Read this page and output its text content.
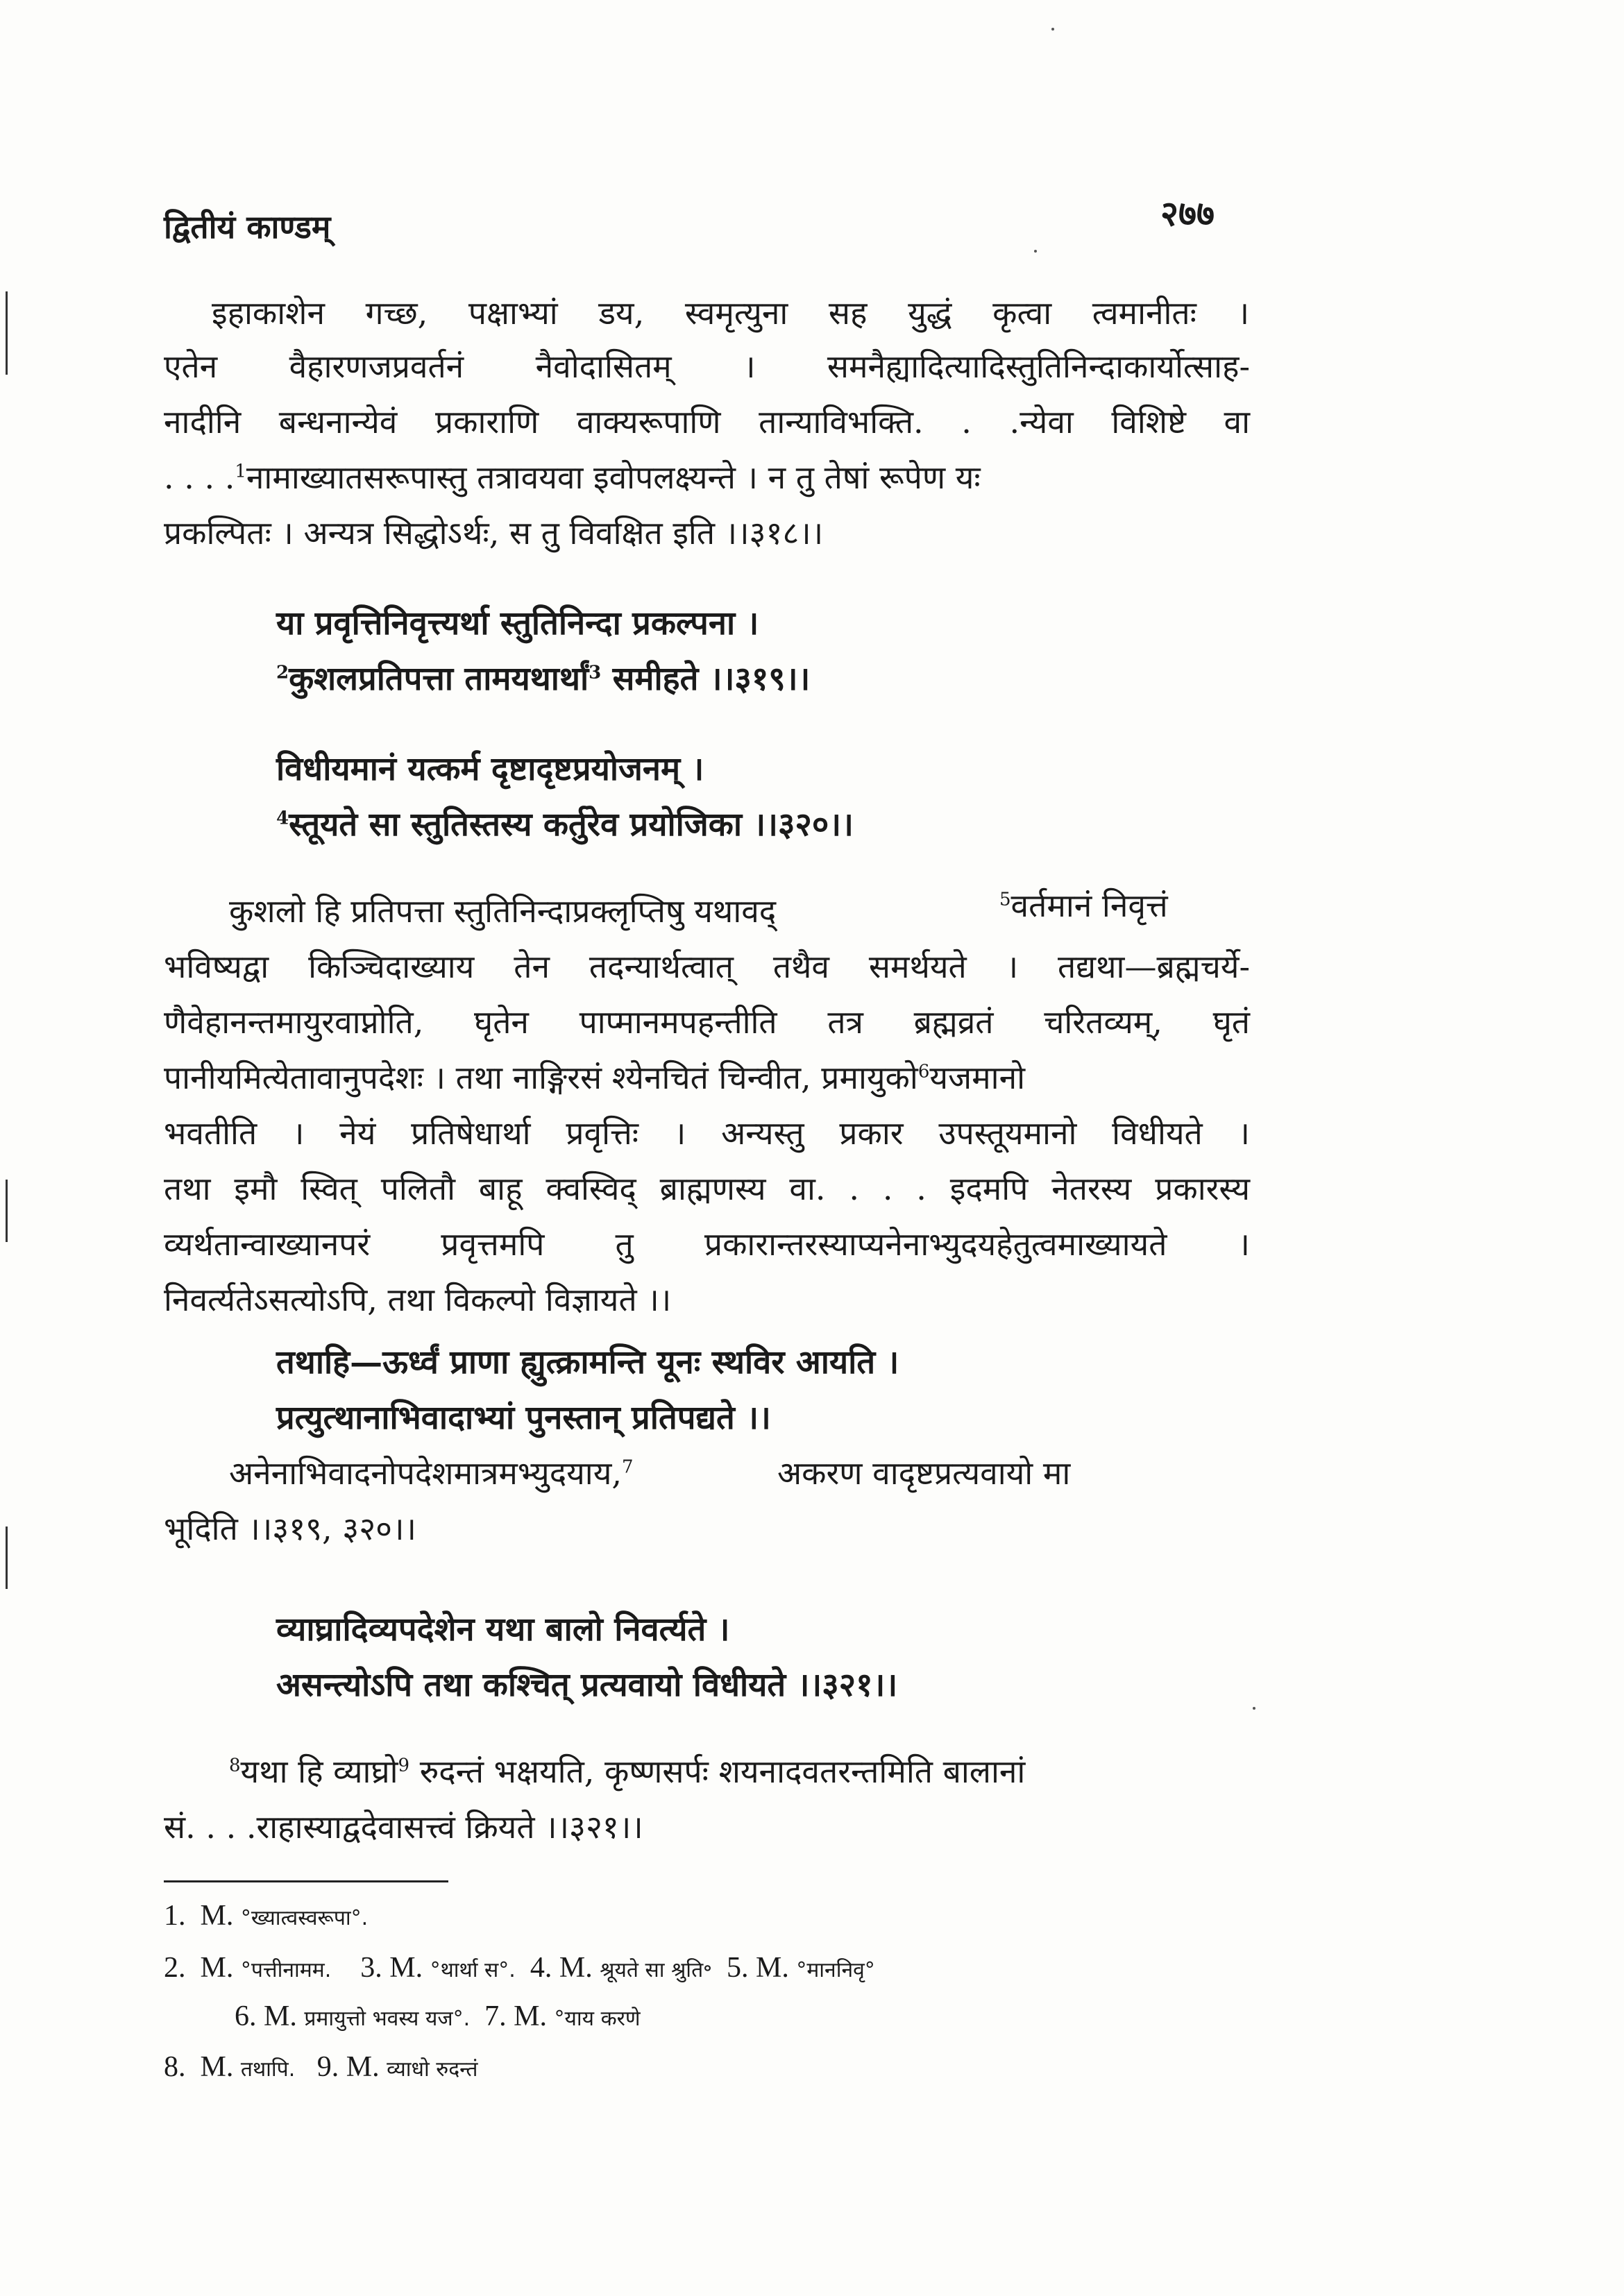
द्वितीयं काण्डम्	२७७
इहाकाशेन गच्छ, पक्षाभ्यां डय, स्वमृत्युना सह युद्धं कृत्वा त्वमानीतः ।
एतेन वैहारणजप्रवर्तनं नैवोदासितम् । समनैह्यादित्यादिस्तुतिनिन्दाकार्योत्साह-
नादीनि बन्धनान्येवं प्रकाराणि वाक्यरूपाणि तान्याविभक्ति. . .न्येवा विशिष्टे वा
. . . .$^1$नामाख्यातसरूपास्तु तत्रावयवा इवोपलक्ष्यन्ते । न तु तेषां रूपेण यः
प्रकल्पितः । अन्यत्र सिद्धोऽर्थः, स तु विवक्षित इति ।।३१८।।
या प्रवृत्तिनिवृत्त्यर्था स्तुतिनिन्दा प्रकल्पना ।
$^2$कुशलप्रतिपत्ता तामयथार्थां$^3$ समीहते ।।३१९।।
विधीयमानं यत्कर्म दृष्टादृष्टप्रयोजनम् ।
$^4$स्तूयते सा स्तुतिस्तस्य कर्तुरेव प्रयोजिका ।।३२०।।
कुशलो हि प्रतिपत्ता स्तुतिनिन्दाप्रक्लृप्तिषु यथावद्	$^5$वर्तमानं निवृत्तं
भविष्यद्वा किञ्चिदाख्याय तेन तदन्यार्थत्वात् तथैव समर्थयते । तद्यथा—ब्रह्मचर्ये-
णैवेहानन्तमायुरवाप्नोति, घृतेन पाप्मानमपहन्तीति तत्र ब्रह्मव्रतं चरितव्यम्, घृतं
पानीयमित्येतावानुपदेशः । तथा नाङ्गिरसं श्येनचितं चिन्वीत, प्रमायुको$^6$यजमानो
भवतीति । नेयं प्रतिषेधार्था प्रवृत्तिः । अन्यस्तु प्रकार उपस्तूयमानो विधीयते ।
तथा इमौ स्वित् पलितौ बाहू क्वस्विद् ब्राह्मणस्य वा. . . . इदमपि नेतरस्य प्रकारस्य
व्यर्थतान्वाख्यानपरं प्रवृत्तमपि तु प्रकारान्तरस्याप्यनेनाभ्युदयहेतुत्वमाख्यायते ।
निवर्त्यतेऽसत्योऽपि, तथा विकल्पो विज्ञायते ।।
तथाहि—ऊर्ध्वं प्राणा ह्युत्क्रामन्ति यूनः स्थविर आयति ।
प्रत्युत्थानाभिवादाभ्यां पुनस्तान् प्रतिपद्यते ।।
अनेनाभिवादनोपदेशमात्रमभ्युदयाय,$^7$	अकरण वादृष्टप्रत्यवायो मा
भूदिति ।।३१९, ३२०।।
व्याघ्रादिव्यपदेशेन यथा बालो निवर्त्यते ।
असन्त्योऽपि तथा कश्चित् प्रत्यवायो विधीयते ।।३२१।।
$^8$यथा हि व्याघ्रो$^9$ रुदन्तं भक्षयति, कृष्णसर्पः शयनादवतरन्तमिति बालानां
सं. . . .राहास्याद्वदेवासत्त्वं क्रियते ।।३२१।।
1. M. °ख्यात्वस्वरूपा°.
2. M. °पत्तीनामम. 3. M. °थार्था स°. 4. M. श्रूयते सा श्रुति॰ 5. M. °माननिवृ°
6. M. प्रमायुत्तो भवस्य यज°. 7. M. °याय करणे
8. M. तथापि. 9. M. व्याधो रुदन्तं
